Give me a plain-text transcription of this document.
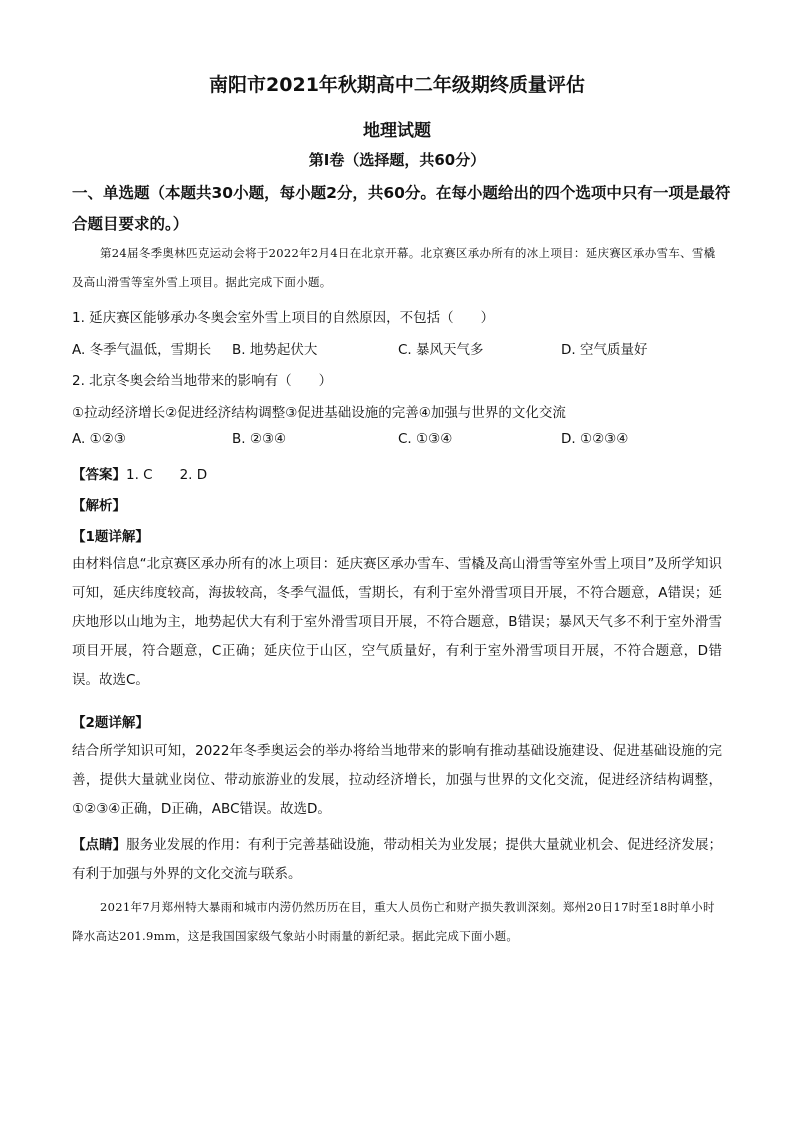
南阳市2021年秋期高中二年级期终质量评估
地理试题
第Ⅰ卷（选择题，共60分）
一、单选题（本题共30小题，每小题2分，共60分。在每小题给出的四个选项中只有一项是最符合题目要求的。）
第24届冬季奥林匹克运动会将于2022年2月4日在北京开幕。北京赛区承办所有的冰上项目：延庆赛区承办雪车、雪橇及高山滑雪等室外雪上项目。据此完成下面小题。
1. 延庆赛区能够承办冬奥会室外雪上项目的自然原因，不包括（　　）
A. 冬季气温低，雪期长 B. 地势起伏大	C. 暴风天气多	D. 空气质量好
2. 北京冬奥会给当地带来的影响有（　　）
①拉动经济增长②促进经济结构调整③促进基础设施的完善④加强与世界的文化交流
A. ①②③	B. ②③④	C. ①③④	D. ①②③④
【答案】1. C　　2. D
【解析】
【1题详解】
由材料信息“北京赛区承办所有的冰上项目：延庆赛区承办雪车、雪橇及高山滑雪等室外雪上项目”及所学知识可知，延庆纬度较高，海拔较高，冬季气温低，雪期长，有利于室外滑雪项目开展，不符合题意，A错误；延庆地形以山地为主，地势起伏大有利于室外滑雪项目开展，不符合题意，B错误；暴风天气多不利于室外滑雪项目开展，符合题意，C正确；延庆位于山区，空气质量好，有利于室外滑雪项目开展，不符合题意，D错误。故选C。
【2题详解】
结合所学知识可知，2022年冬季奥运会的举办将给当地带来的影响有推动基础设施建设、促进基础设施的完善，提供大量就业岗位、带动旅游业的发展，拉动经济增长，加强与世界的文化交流，促进经济结构调整，①②③④正确，D正确，ABC错误。故选D。
【点睛】服务业发展的作用：有利于完善基础设施，带动相关为业发展；提供大量就业机会、促进经济发展；有利于加强与外界的文化交流与联系。
2021年7月郑州特大暴雨和城市内涝仍然历历在目，重大人员伤亡和财产损失教训深刻。郑州20日17时至18时单小时降水高达201.9mm，这是我国国家级气象站小时雨量的新纪录。据此完成下面小题。
